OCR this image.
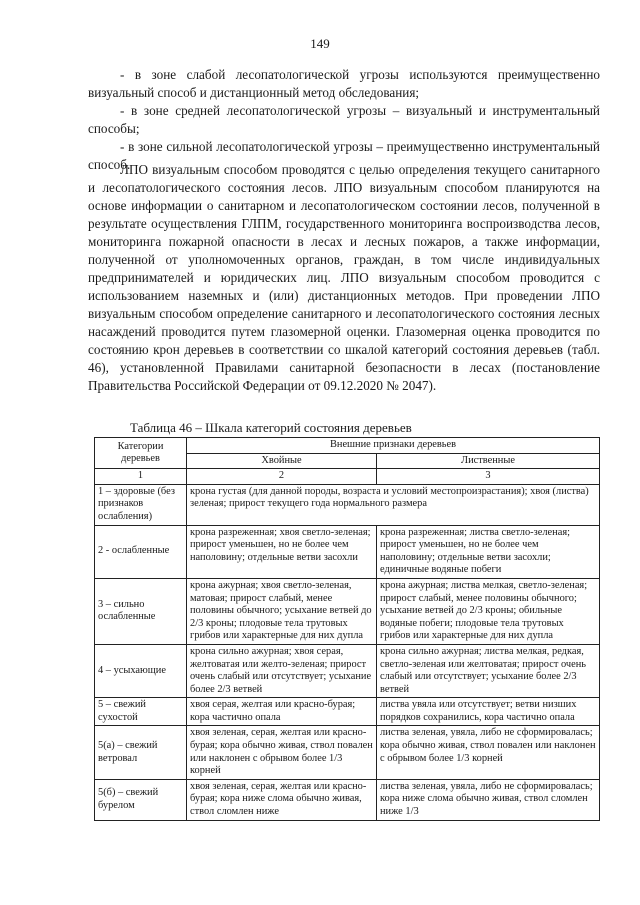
149

- в зоне слабой лесопатологической угрозы используются преимущественно визуальный способ и дистанционный метод обследования;

- в зоне средней лесопатологической угрозы – визуальный и инструментальный способы;

- в зоне сильной лесопатологической угрозы – преимущественно инструментальный способ.

ЛПО визуальным способом проводятся с целью определения текущего санитарного и лесопатологического состояния лесов. ЛПО визуальным способом планируются на основе информации о санитарном и лесопатологическом состоянии лесов, полученной в результате осуществления ГЛПМ, государственного мониторинга воспроизводства лесов, мониторинга пожарной опасности в лесах и лесных пожаров, а также информации, полученной от уполномоченных органов, граждан, в том числе индивидуальных предпринимателей и юридических лиц. ЛПО визуальным способом проводится с использованием наземных и (или) дистанционных методов. При проведении ЛПО визуальным способом определение санитарного и лесопатологического состояния лесных насаждений проводится путем глазомерной оценки. Глазомерная оценка проводится по состоянию крон деревьев в соответствии со шкалой категорий состояния деревьев (табл. 46), установленной Правилами санитарной безопасности в лесах (постановление Правительства Российской Федерации от 09.12.2020 № 2047).

Таблица 46 – Шкала категорий состояния деревьев
Категории деревьев	Внешние признаки деревьев	
	Хвойные	Лиственные
1	2	3
1 – здоровые (без признаков ослабления)	крона густая (для данной породы, возраста и условий местопроизрастания); хвоя (листва) зеленая; прирост текущего года нормального размера	
2 - ослабленные	крона разреженная; хвоя светло-зеленая; прирост уменьшен, но не более чем наполовину; отдельные ветви засохли	крона разреженная; листва светло-зеленая; прирост уменьшен, но не более чем наполовину; отдельные ветви засохли; единичные водяные побеги
3 – сильно ослабленные	крона ажурная; хвоя светло-зеленая, матовая; прирост слабый, менее половины обычного; усыхание ветвей до 2/3 кроны; плодовые тела трутовых грибов или характерные для них дупла	крона ажурная; листва мелкая, светло-зеленая; прирост слабый, менее половины обычного; усыхание ветвей до 2/3 кроны; обильные водяные побеги; плодовые тела трутовых грибов или характерные для них дупла
4 – усыхающие	крона сильно ажурная; хвоя серая, желтоватая или желто-зеленая; прирост очень слабый или отсутствует; усыхание более 2/3 ветвей	крона сильно ажурная; листва мелкая, редкая, светло-зеленая или желтоватая; прирост очень слабый или отсутствует; усыхание более 2/3 ветвей
5 – свежий сухостой	хвоя серая, желтая или красно-бурая; кора частично опала	листва увяла или отсутствует; ветви низших порядков сохранились, кора частично опала
5(а) – свежий ветровал	хвоя зеленая, серая, желтая или красно-бурая; кора обычно живая, ствол повален или наклонен с обрывом более 1/3 корней	листва зеленая, увяла, либо не сформировалась; кора обычно живая, ствол повален или наклонен с обрывом более 1/3 корней
5(б) – свежий бурелом	хвоя зеленая, серая, желтая или красно-бурая; кора ниже слома обычно живая, ствол сломлен ниже	листва зеленая, увяла, либо не сформировалась; кора ниже слома обычно живая, ствол сломлен ниже 1/3
